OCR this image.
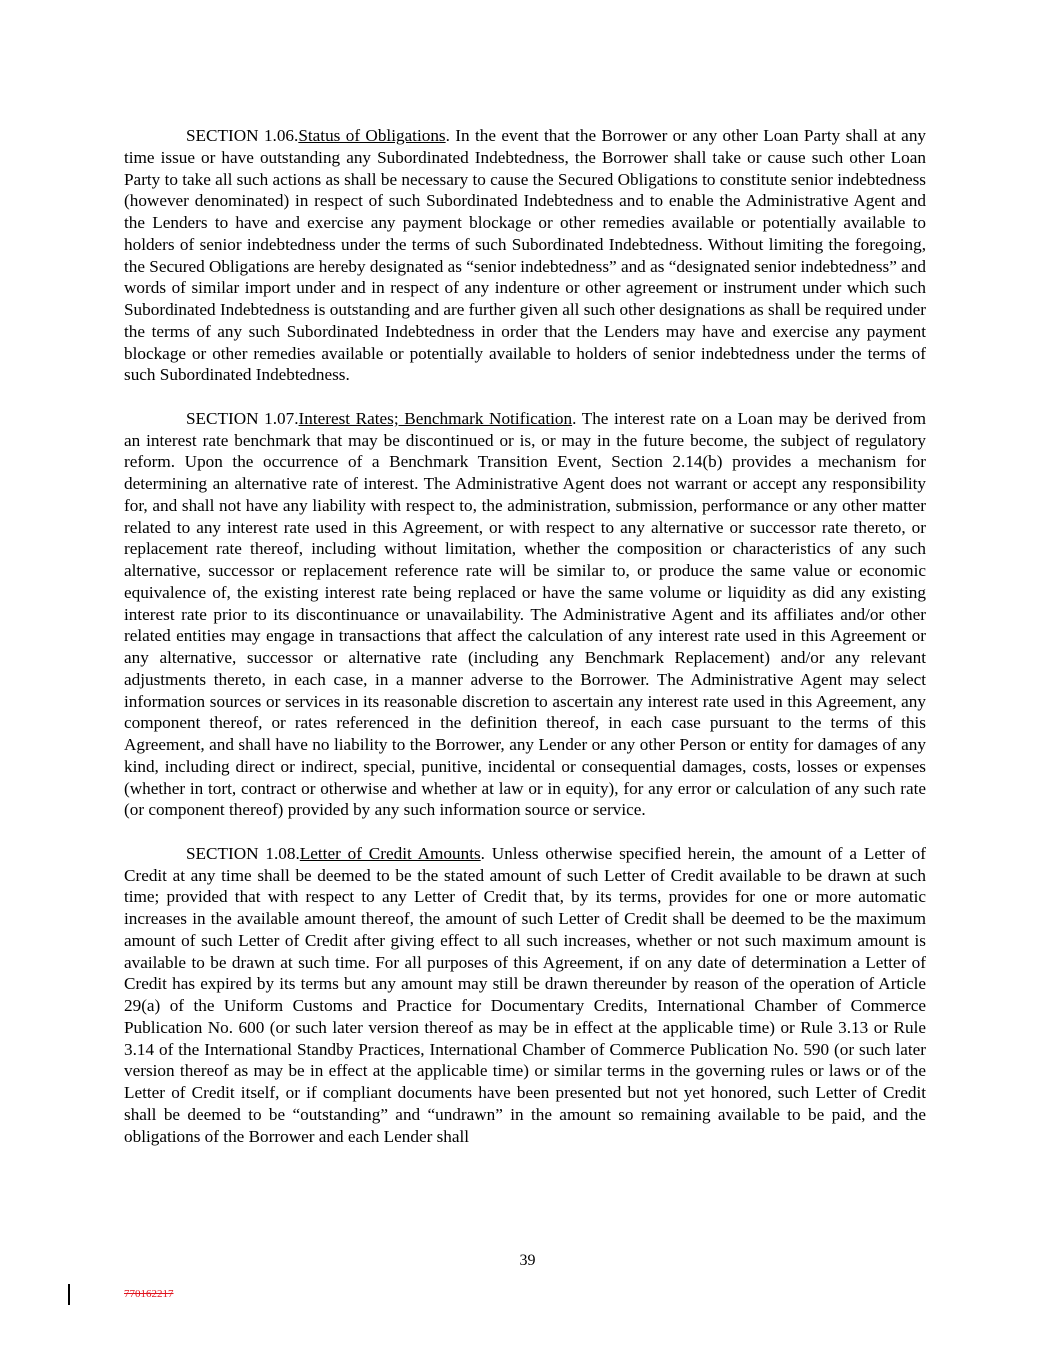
SECTION 1.06.Status of Obligations. In the event that the Borrower or any other Loan Party shall at any time issue or have outstanding any Subordinated Indebtedness, the Borrower shall take or cause such other Loan Party to take all such actions as shall be necessary to cause the Secured Obligations to constitute senior indebtedness (however denominated) in respect of such Subordinated Indebtedness and to enable the Administrative Agent and the Lenders to have and exercise any payment blockage or other remedies available or potentially available to holders of senior indebtedness under the terms of such Subordinated Indebtedness. Without limiting the foregoing, the Secured Obligations are hereby designated as “senior indebtedness” and as “designated senior indebtedness” and words of similar import under and in respect of any indenture or other agreement or instrument under which such Subordinated Indebtedness is outstanding and are further given all such other designations as shall be required under the terms of any such Subordinated Indebtedness in order that the Lenders may have and exercise any payment blockage or other remedies available or potentially available to holders of senior indebtedness under the terms of such Subordinated Indebtedness.

SECTION 1.07.Interest Rates; Benchmark Notification. The interest rate on a Loan may be derived from an interest rate benchmark that may be discontinued or is, or may in the future become, the subject of regulatory reform. Upon the occurrence of a Benchmark Transition Event, Section 2.14(b) provides a mechanism for determining an alternative rate of interest. The Administrative Agent does not warrant or accept any responsibility for, and shall not have any liability with respect to, the administration, submission, performance or any other matter related to any interest rate used in this Agreement, or with respect to any alternative or successor rate thereto, or replacement rate thereof, including without limitation, whether the composition or characteristics of any such alternative, successor or replacement reference rate will be similar to, or produce the same value or economic equivalence of, the existing interest rate being replaced or have the same volume or liquidity as did any existing interest rate prior to its discontinuance or unavailability. The Administrative Agent and its affiliates and/or other related entities may engage in transactions that affect the calculation of any interest rate used in this Agreement or any alternative, successor or alternative rate (including any Benchmark Replacement) and/or any relevant adjustments thereto, in each case, in a manner adverse to the Borrower. The Administrative Agent may select information sources or services in its reasonable discretion to ascertain any interest rate used in this Agreement, any component thereof, or rates referenced in the definition thereof, in each case pursuant to the terms of this Agreement, and shall have no liability to the Borrower, any Lender or any other Person or entity for damages of any kind, including direct or indirect, special, punitive, incidental or consequential damages, costs, losses or expenses (whether in tort, contract or otherwise and whether at law or in equity), for any error or calculation of any such rate (or component thereof) provided by any such information source or service.

SECTION 1.08.Letter of Credit Amounts. Unless otherwise specified herein, the amount of a Letter of Credit at any time shall be deemed to be the stated amount of such Letter of Credit available to be drawn at such time; provided that with respect to any Letter of Credit that, by its terms, provides for one or more automatic increases in the available amount thereof, the amount of such Letter of Credit shall be deemed to be the maximum amount of such Letter of Credit after giving effect to all such increases, whether or not such maximum amount is available to be drawn at such time. For all purposes of this Agreement, if on any date of determination a Letter of Credit has expired by its terms but any amount may still be drawn thereunder by reason of the operation of Article 29(a) of the Uniform Customs and Practice for Documentary Credits, International Chamber of Commerce Publication No. 600 (or such later version thereof as may be in effect at the applicable time) or Rule 3.13 or Rule 3.14 of the International Standby Practices, International Chamber of Commerce Publication No. 590 (or such later version thereof as may be in effect at the applicable time) or similar terms in the governing rules or laws or of the Letter of Credit itself, or if compliant documents have been presented but not yet honored, such Letter of Credit shall be deemed to be “outstanding” and “undrawn” in the amount so remaining available to be paid, and the obligations of the Borrower and each Lender shall

39
770162217
